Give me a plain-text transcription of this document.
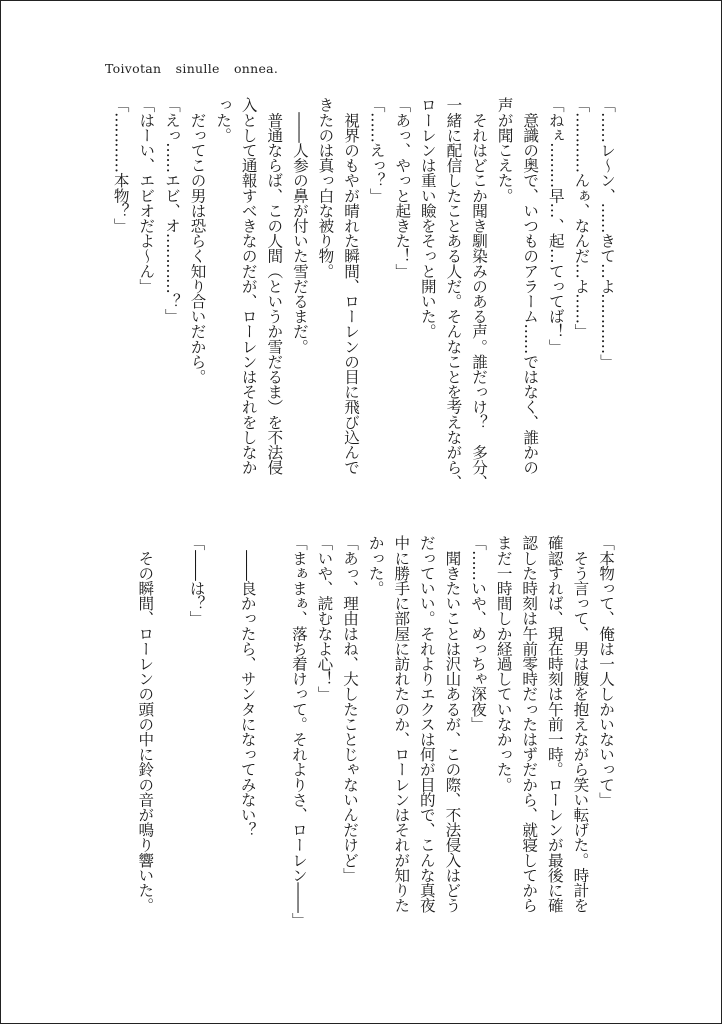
Toivotan sinulle onnea.
「……レ～ン、……きて…よ…………」
「…………んぁ、なんだ…よ……」
「ねぇ………早…、起…てってば！」
　意識の奥で、いつものアラーム……ではなく、誰かの
声が聞こえた。
　それはどこか聞き馴染みのある声。誰だっけ？　多分、
一緒に配信したことある人だ。そんなことを考えながら、
ローレンは重い瞼をそっと開いた。
「あっ、やっと起きた！」
「……えっ？」
　視界のもやが晴れた瞬間、ローレンの目に飛び込んで
きたのは真っ白な被り物。
　――人参の鼻が付いた雪だるまだ。
　普通ならば、この人間（というか雪だるま）を不法侵
入として通報すべきなのだが、ローレンはそれをしなか
った。
　だってこの男は恐らく知り合いだから。
「えっ……エビ、オ…………？」
「はーい、エビオだよ～ん」
「…………本物？」
「本物って、俺は一人しかいないって」
　そう言って、男は腹を抱えながら笑い転げた。時計を
確認すれば、現在時刻は午前一時。ローレンが最後に確
認した時刻は午前零時だったはずだから、就寝してから
まだ一時間しか経過していなかった。
「……いや、めっちゃ深夜」
　聞きたいことは沢山あるが、この際、不法侵入はどう
だっていい。それよりエクスは何が目的で、こんな真夜
中に勝手に部屋に訪れたのか、ローレンはそれが知りた
かった。
「あっ、理由はね、大したことじゃないんだけど」
「いや、読むなよ心！」
「まぁまぁ、落ち着けって。それよりさ、ローレン――」

　――良かったら、サンタになってみない？

「――は？」

　その瞬間、ローレンの頭の中に鈴の音が鳴り響いた。
